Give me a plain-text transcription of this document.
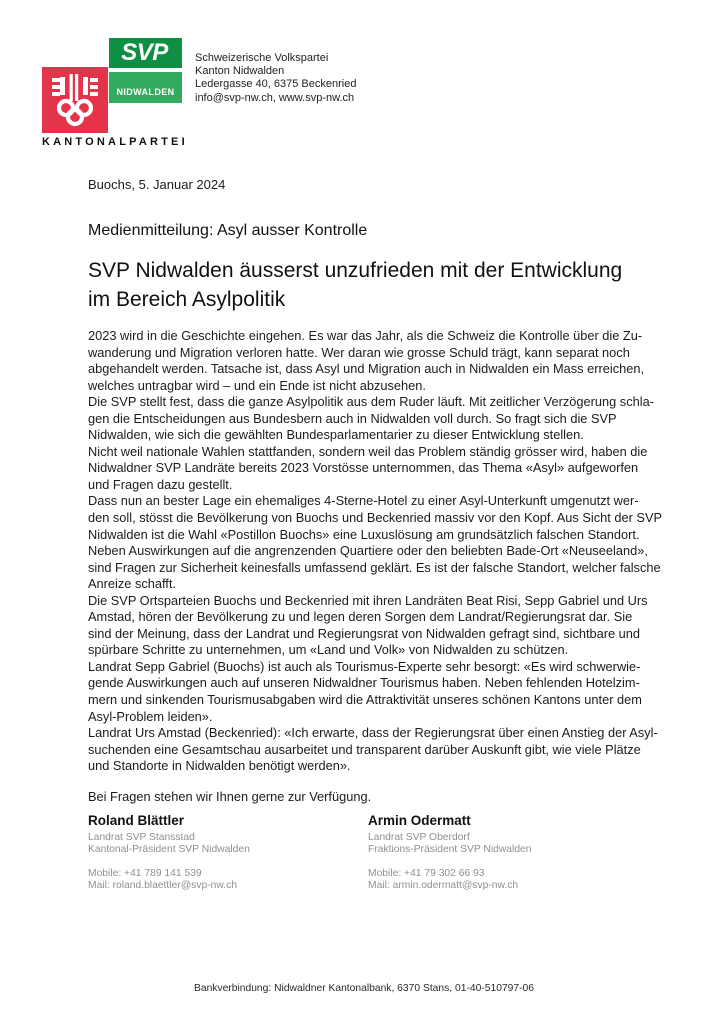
SVP
NIDWALDEN
KANTONALPARTEI
Schweizerische Volkspartei
Kanton Nidwalden
Ledergasse 40, 6375 Beckenried
info@svp-nw.ch, www.svp-nw.ch
Buochs, 5. Januar 2024
Medienmitteilung: Asyl ausser Kontrolle
SVP Nidwalden äusserst unzufrieden mit der Entwicklung
im Bereich Asylpolitik
2023 wird in die Geschichte eingehen. Es war das Jahr, als die Schweiz die Kontrolle über die Zu-
wanderung und Migration verloren hatte. Wer daran wie grosse Schuld trägt, kann separat noch
abgehandelt werden. Tatsache ist, dass Asyl und Migration auch in Nidwalden ein Mass erreichen,
welches untragbar wird – und ein Ende ist nicht abzusehen.
Die SVP stellt fest, dass die ganze Asylpolitik aus dem Ruder läuft. Mit zeitlicher Verzögerung schla-
gen die Entscheidungen aus Bundesbern auch in Nidwalden voll durch. So fragt sich die SVP
Nidwalden, wie sich die gewählten Bundesparlamentarier zu dieser Entwicklung stellen.
Nicht weil nationale Wahlen stattfanden, sondern weil das Problem ständig grösser wird, haben die
Nidwaldner SVP Landräte bereits 2023 Vorstösse unternommen, das Thema «Asyl» aufgeworfen
und Fragen dazu gestellt.
Dass nun an bester Lage ein ehemaliges 4-Sterne-Hotel zu einer Asyl-Unterkunft umgenutzt wer-
den soll, stösst die Bevölkerung von Buochs und Beckenried massiv vor den Kopf. Aus Sicht der SVP
Nidwalden ist die Wahl «Postillon Buochs» eine Luxuslösung am grundsätzlich falschen Standort.
Neben Auswirkungen auf die angrenzenden Quartiere oder den beliebten Bade-Ort «Neuseeland»,
sind Fragen zur Sicherheit keinesfalls umfassend geklärt. Es ist der falsche Standort, welcher falsche
Anreize schafft.
Die SVP Ortsparteien Buochs und Beckenried mit ihren Landräten Beat Risi, Sepp Gabriel und Urs
Amstad, hören der Bevölkerung zu und legen deren Sorgen dem Landrat/Regierungsrat dar. Sie
sind der Meinung, dass der Landrat und Regierungsrat von Nidwalden gefragt sind, sichtbare und
spürbare Schritte zu unternehmen, um «Land und Volk» von Nidwalden zu schützen.
Landrat Sepp Gabriel (Buochs) ist auch als Tourismus-Experte sehr besorgt: «Es wird schwerwie-
gende Auswirkungen auch auf unseren Nidwaldner Tourismus haben. Neben fehlenden Hotelzim-
mern und sinkenden Tourismusabgaben wird die Attraktivität unseres schönen Kantons unter dem
Asyl-Problem leiden».
Landrat Urs Amstad (Beckenried): «Ich erwarte, dass der Regierungsrat über einen Anstieg der Asyl-
suchenden eine Gesamtschau ausarbeitet und transparent darüber Auskunft gibt, wie viele Plätze
und Standorte in Nidwalden benötigt werden».
Bei Fragen stehen wir Ihnen gerne zur Verfügung.
Roland Blättler
Landrat SVP Stansstad
Kantonal-Präsident SVP Nidwalden
Mobile: +41 789 141 539
Mail: roland.blaettler@svp-nw.ch
Armin Odermatt
Landrat SVP Oberdorf
Fraktions-Präsident SVP Nidwalden
Mobile: +41 79 302 66 93
Mail: armin.odermatt@svp-nw.ch
Bankverbindung: Nidwaldner Kantonalbank, 6370 Stans, 01-40-510797-06
